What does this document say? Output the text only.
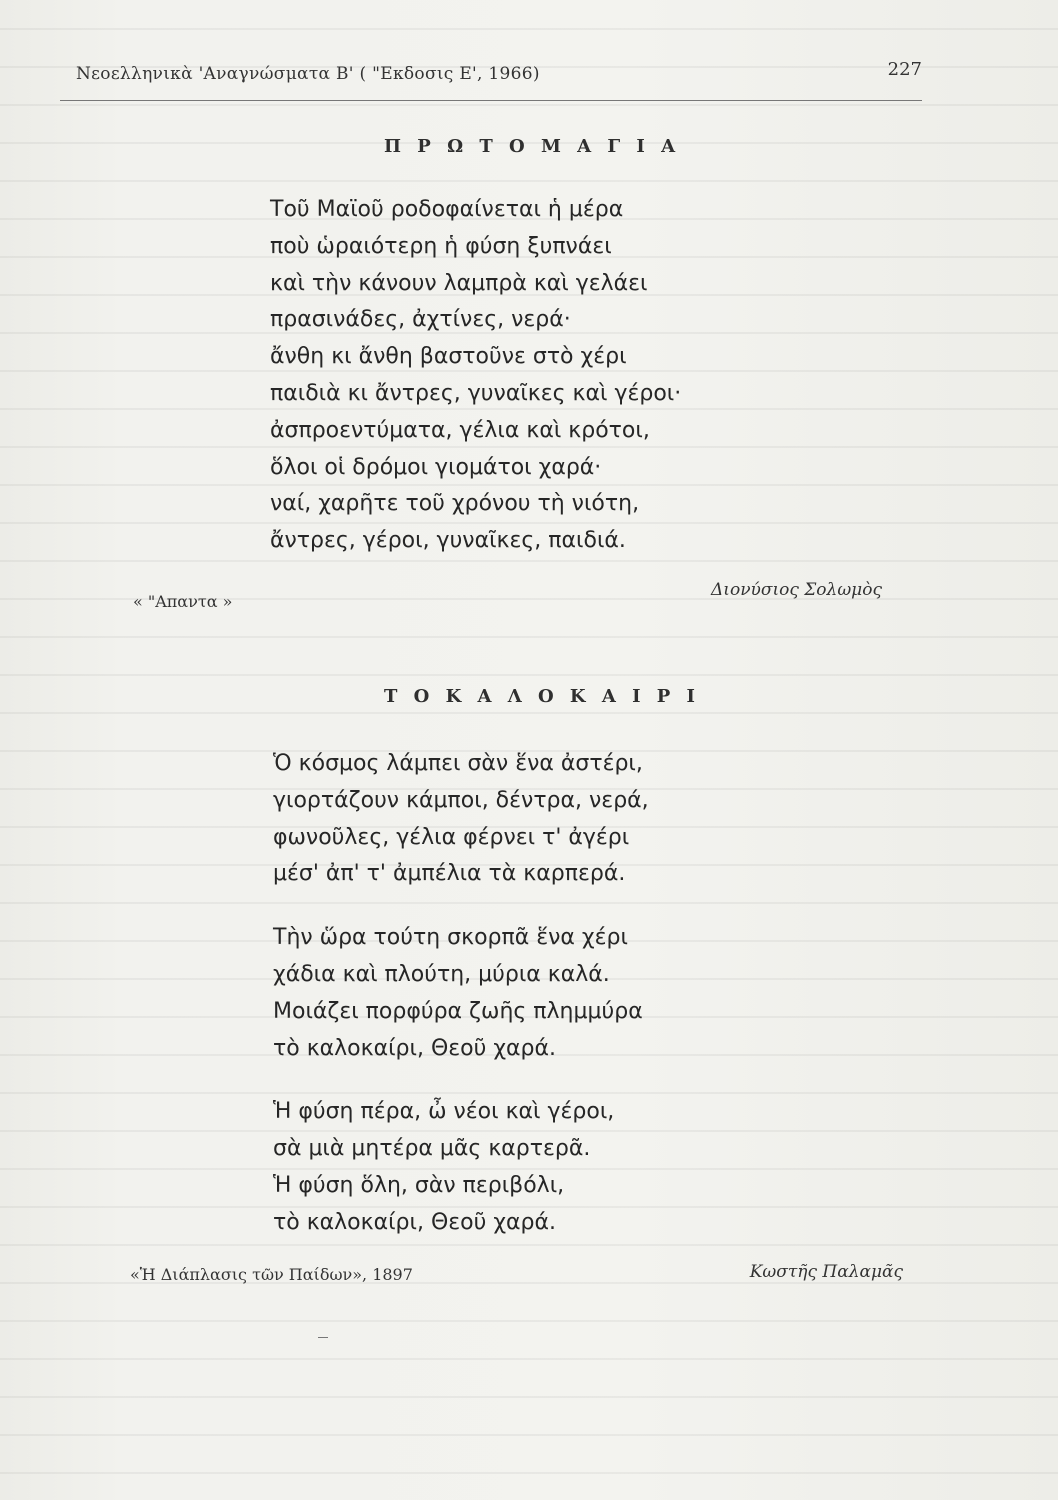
Νεοελληνικὰ 'Αναγνώσματα Β' ( "Εκδοσις Ε', 1966)	227
Π Ρ Ω Τ Ο Μ Α Γ Ι Α
Τοῦ Μαϊοῦ ροδοφαίνεται ἡ μέρα
ποὺ ὡραιότερη ἡ φύση ξυπνάει
καὶ τὴν κάνουν λαμπρὰ καὶ γελάει
πρασινάδες, ἀχτίνες, νερά·
ἄνθη κι ἄνθη βαστοῦνε στὸ χέρι
παιδιὰ κι ἄντρες, γυναῖκες καὶ γέροι·
ἀσπροεντύματα, γέλια καὶ κρότοι,
ὅλοι οἱ δρόμοι γιομάτοι χαρά·
ναί, χαρῆτε τοῦ χρόνου τὴ νιότη,
ἄντρες, γέροι, γυναῖκες, παιδιά.
« "Απαντα »
Διονύσιος Σολωμὸς
Τ Ο Κ Α Λ Ο Κ Α Ι Ρ Ι
Ὁ κόσμος λάμπει σὰν ἕνα ἀστέρι,
γιορτάζουν κάμποι, δέντρα, νερά,
φωνοῦλες, γέλια φέρνει τ' ἀγέρι
μέσ' ἀπ' τ' ἀμπέλια τὰ καρπερά.
Τὴν ὥρα τούτη σκορπᾶ ἕνα χέρι
χάδια καὶ πλούτη, μύρια καλά.
Μοιάζει πορφύρα ζωῆς πλημμύρα
τὸ καλοκαίρι, Θεοῦ χαρά.
Ἡ φύση πέρα, ὦ νέοι καὶ γέροι,
σὰ μιὰ μητέρα μᾶς καρτερᾶ.
Ἡ φύση ὅλη, σὰν περιβόλι,
τὸ καλοκαίρι, Θεοῦ χαρά.
«Ἡ Διάπλασις τῶν Παίδων», 1897	Κωστῆς Παλαμᾶς
